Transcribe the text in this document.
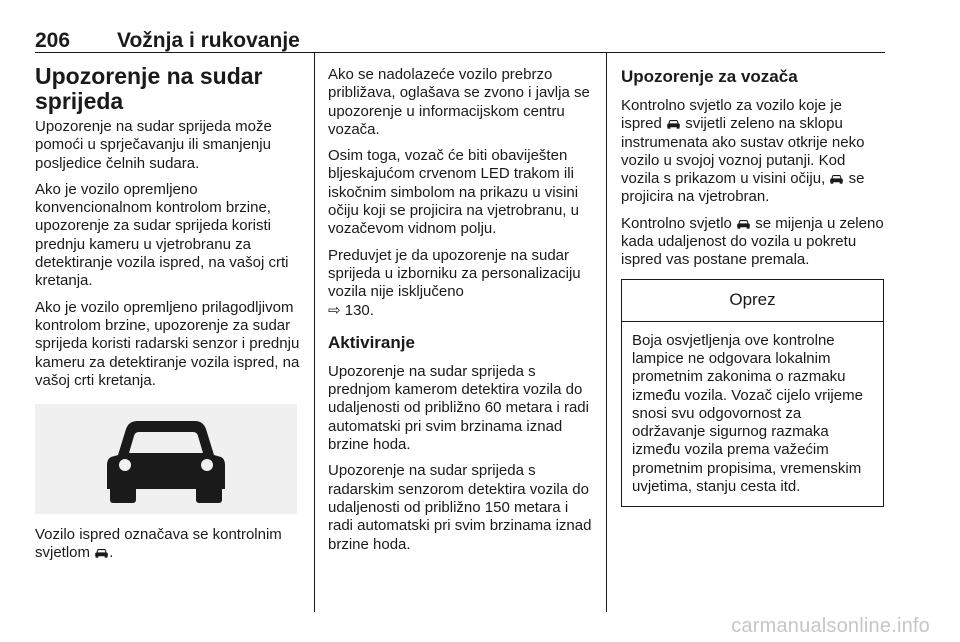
206 Vožnja i rukovanje
Upozorenje na sudar sprijeda

Upozorenje na sudar sprijeda može pomoći u sprječavanju ili smanjenju posljedice čelnih sudara.

Ako je vozilo opremljeno konvencionalnom kontrolom brzine, upozorenje za sudar sprijeda koristi prednju kameru u vjetrobranu za detektiranje vozila ispred, na vašoj crti kretanja.

Ako je vozilo opremljeno prilagodljivom kontrolom brzine, upozorenje za sudar sprijeda koristi radarski senzor i prednju kameru za detektiranje vozila ispred, na vašoj crti kretanja.

Vozilo ispred označava se kontrolnim svjetlom .

Ako se nadolazeće vozilo prebrzo približava, oglašava se zvono i javlja se upozorenje u informacijskom centru vozača.

Osim toga, vozač će biti obaviješten bljeskajućom crvenom LED trakom ili iskočnim simbolom na prikazu u visini očiju koji se projicira na vjetrobranu, u vozačevom vidnom polju.

Preduvjet je da upozorenje na sudar sprijeda u izborniku za personalizaciju vozila nije isključeno
⇨ 130.

Aktiviranje

Upozorenje na sudar sprijeda s prednjom kamerom detektira vozila do udaljenosti od približno 60 metara i radi automatski pri svim brzinama iznad brzine hoda.

Upozorenje na sudar sprijeda s radarskim senzorom detektira vozila do udaljenosti od približno 150 metara i radi automatski pri svim brzinama iznad brzine hoda.

Upozorenje za vozača

Kontrolno svjetlo za vozilo koje je ispred svijetli zeleno na sklopu instrumenata ako sustav otkrije neko vozilo u svojoj voznoj putanji. Kod vozila s prikazom u visini očiju, se projicira na vjetrobran.

Kontrolno svjetlo se mijenja u zeleno kada udaljenost do vozila u pokretu ispred vas postane premala.

Oprez
Boja osvjetljenja ove kontrolne lampice ne odgovara lokalnim prometnim zakonima o razmaku između vozila. Vozač cijelo vrijeme snosi svu odgovornost za održavanje sigurnog razmaka između vozila prema važećim prometnim propisima, vremenskim uvjetima, stanju cesta itd.
carmanualsonline.info
